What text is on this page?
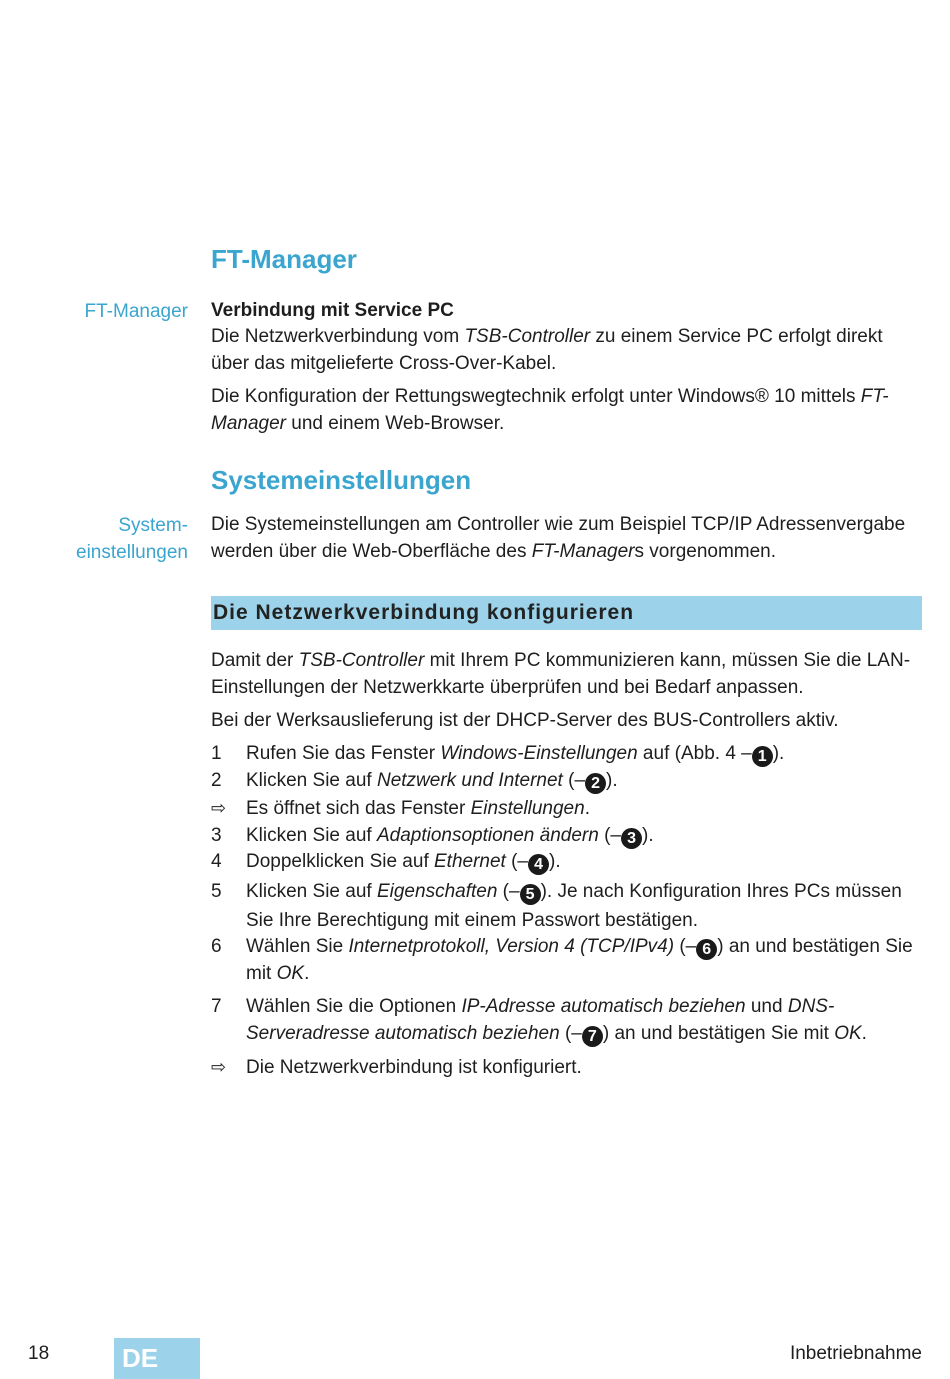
FT-Manager
FT-Manager Verbindung mit Service PC
Die Netzwerkverbindung vom TSB-Controller zu einem Service PC erfolgt direkt über das mitgelieferte Cross-Over-Kabel.
Die Konfiguration der Rettungswegtechnik erfolgt unter Windows® 10 mittels FT-Manager und einem Web-Browser.
Systemeinstellungen
System-
einstellungen
Die Systemeinstellungen am Controller wie zum Beispiel TCP/IP Adressenvergabe werden über die Web-Oberfläche des FT-Managers vorgenommen.
Die Netzwerkverbindung konfigurieren
Damit der TSB-Controller mit Ihrem PC kommunizieren kann, müssen Sie die LAN-Einstellungen der Netzwerkkarte überprüfen und bei Bedarf anpassen.
Bei der Werksauslieferung ist der DHCP-Server des BUS-Controllers aktiv.
1	Rufen Sie das Fenster Windows-Einstellungen auf (Abb. 4 – 1 ).
2	Klicken Sie auf Netzwerk und Internet (– 2 ).
⇨	Es öffnet sich das Fenster Einstellungen.
3	Klicken Sie auf Adaptionsoptionen ändern (– 3 ).
4	Doppelklicken Sie auf Ethernet (– 4 ).
5	Klicken Sie auf Eigenschaften (– 5 ). Je nach Konfiguration Ihres PCs müssen Sie Ihre Berechtigung mit einem Passwort bestätigen.
6	Wählen Sie Internetprotokoll, Version 4 (TCP/IPv4) (– 6 ) an und bestätigen Sie mit OK.
7	Wählen Sie die Optionen IP-Adresse automatisch beziehen und DNS-Serveradresse automatisch beziehen (– 7 ) an und bestätigen Sie mit OK.
⇨	Die Netzwerkverbindung ist konfiguriert.
18	DE	Inbetriebnahme
